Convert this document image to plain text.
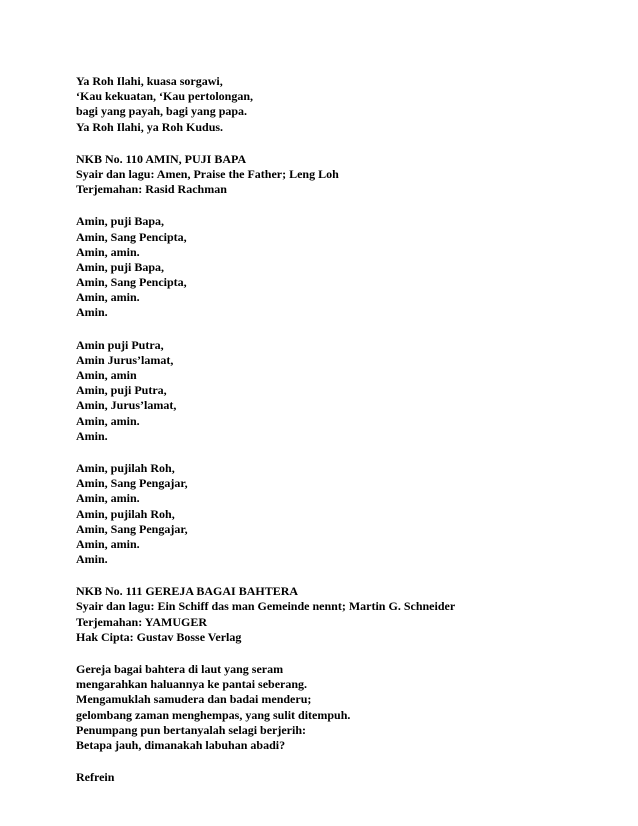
Ya Roh Ilahi, kuasa sorgawi,
‘Kau kekuatan, ‘Kau pertolongan,
bagi yang payah, bagi yang papa.
Ya Roh Ilahi, ya Roh Kudus.
NKB No. 110 AMIN, PUJI BAPA
Syair dan lagu: Amen, Praise the Father; Leng Loh
Terjemahan: Rasid Rachman
Amin, puji Bapa,
Amin, Sang Pencipta,
Amin, amin.
Amin, puji Bapa,
Amin, Sang Pencipta,
Amin, amin.
Amin.
Amin puji Putra,
Amin Jurus’lamat,
Amin, amin
Amin, puji Putra,
Amin, Jurus’lamat,
Amin, amin.
Amin.
Amin, pujilah Roh,
Amin, Sang Pengajar,
Amin, amin.
Amin, pujilah Roh,
Amin, Sang Pengajar,
Amin, amin.
Amin.
NKB No. 111 GEREJA BAGAI BAHTERA
Syair dan lagu: Ein Schiff das man Gemeinde nennt; Martin G. Schneider
Terjemahan: YAMUGER
Hak Cipta: Gustav Bosse Verlag
Gereja bagai bahtera di laut yang seram
mengarahkan haluannya ke pantai seberang.
Mengamuklah samudera dan badai menderu;
gelombang zaman menghempas, yang sulit ditempuh.
Penumpang pun bertanyalah selagi berjerih:
Betapa jauh, dimanakah labuhan abadi?
Refrein
